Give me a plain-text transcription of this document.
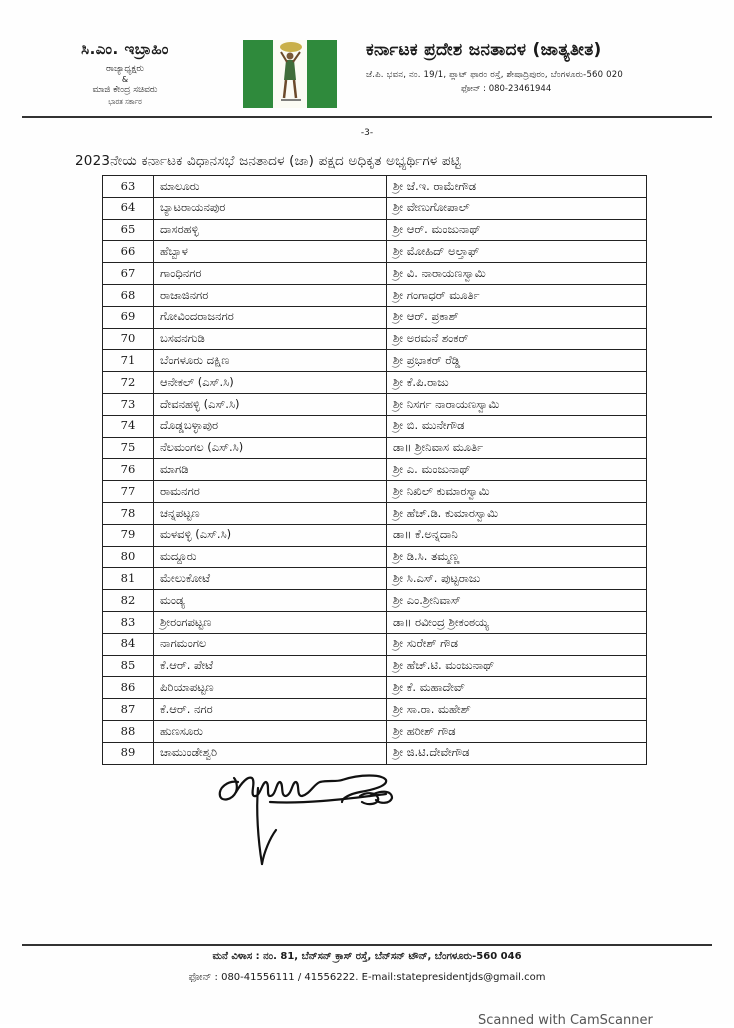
ಸಿ.ಎಂ. ಇಬ್ರಾಹಿಂ
ರಾಜ್ಯಾಧ್ಯಕ್ಷರು
&
ಮಾಜಿ ಕೇಂದ್ರ ಸಚಿವರು
ಭಾರತ ಸರ್ಕಾರ
ಕರ್ನಾಟಕ ಪ್ರದೇಶ ಜನತಾದಳ (ಜಾತ್ಯತೀತ)
ಜೆ.ಪಿ. ಭವನ, ನಂ. 19/1, ಪ್ಲಾಟ್ ಫಾರಂ ರಸ್ತೆ, ಶೇಷಾದ್ರಿಪುರಂ, ಬೆಂಗಳೂರು-560 020
ಫೋನ್ : 080-23461944
-3-
2023ನೇಯ ಕರ್ನಾಟಕ ವಿಧಾನಸಭೆ ಜನತಾದಳ (ಜಾ) ಪಕ್ಷದ ಅಧಿಕೃತ ಅಭ್ಯರ್ಥಿಗಳ ಪಟ್ಟಿ
63	ಮಾಲೂರು	ಶ್ರೀ ಜೆ.ಇ. ರಾಮೇಗೌಡ
64	ಬ್ಯಾಟರಾಯನಪುರ	ಶ್ರೀ ವೇಣುಗೋಪಾಲ್
65	ದಾಸರಹಳ್ಳಿ	ಶ್ರೀ ಆರ್. ಮಂಜುನಾಥ್
66	ಹೆಬ್ಬಾಳ	ಶ್ರೀ ಮೋಹಿದ್ ಅಲ್ತಾಫ್
67	ಗಾಂಧಿನಗರ	ಶ್ರೀ ವಿ. ನಾರಾಯಣಸ್ವಾಮಿ
68	ರಾಜಾಜಿನಗರ	ಶ್ರೀ ಗಂಗಾಧರ್ ಮೂರ್ತಿ
69	ಗೋವಿಂದರಾಜನಗರ	ಶ್ರೀ ಆರ್. ಪ್ರಕಾಶ್
70	ಬಸವನಗುಡಿ	ಶ್ರೀ ಅರಮನೆ ಶಂಕರ್
71	ಬೆಂಗಳೂರು ದಕ್ಷಿಣ	ಶ್ರೀ ಪ್ರಭಾಕರ್ ರೆಡ್ಡಿ
72	ಆನೇಕಲ್ (ಎಸ್.ಸಿ)	ಶ್ರೀ ಕೆ.ಪಿ.ರಾಜು
73	ದೇವನಹಳ್ಳಿ (ಎಸ್.ಸಿ)	ಶ್ರೀ ನಿಸರ್ಗ ನಾರಾಯಣಸ್ವಾಮಿ
74	ದೊಡ್ಡಬಳ್ಳಾಪುರ	ಶ್ರೀ ಬಿ. ಮುನೇಗೌಡ
75	ನೆಲಮಂಗಲ (ಎಸ್.ಸಿ)	ಡಾ॥ ಶ್ರೀನಿವಾಸ ಮೂರ್ತಿ
76	ಮಾಗಡಿ	ಶ್ರೀ ಎ. ಮಂಜುನಾಥ್
77	ರಾಮನಗರ	ಶ್ರೀ ನಿಖಿಲ್ ಕುಮಾರಸ್ವಾಮಿ
78	ಚನ್ನಪಟ್ಟಣ	ಶ್ರೀ ಹೆಚ್.ಡಿ. ಕುಮಾರಸ್ವಾಮಿ
79	ಮಳವಳ್ಳಿ (ಎಸ್.ಸಿ)	ಡಾ॥ ಕೆ.ಅನ್ನದಾನಿ
80	ಮದ್ದೂರು	ಶ್ರೀ ಡಿ.ಸಿ. ತಮ್ಮಣ್ಣ
81	ಮೇಲುಕೋಟೆ	ಶ್ರೀ ಸಿ.ಎಸ್. ಪುಟ್ಟರಾಜು
82	ಮಂಡ್ಯ	ಶ್ರೀ ಎಂ.ಶ್ರೀನಿವಾಸ್
83	ಶ್ರೀರಂಗಪಟ್ಟಣ	ಡಾ॥ ರವೀಂದ್ರ ಶ್ರೀಕಂಠಯ್ಯ
84	ನಾಗಮಂಗಲ	ಶ್ರೀ ಸುರೇಶ್ ಗೌಡ
85	ಕೆ.ಆರ್. ಪೇಟೆ	ಶ್ರೀ ಹೆಚ್.ಟಿ. ಮಂಜುನಾಥ್
86	ಪಿರಿಯಾಪಟ್ಟಣ	ಶ್ರೀ ಕೆ. ಮಹಾದೇವ್
87	ಕೆ.ಆರ್. ನಗರ	ಶ್ರೀ ಸಾ.ರಾ. ಮಹೇಶ್
88	ಹುಣಸೂರು	ಶ್ರೀ ಹರೀಶ್ ಗೌಡ
89	ಚಾಮುಂಡೇಶ್ವರಿ	ಶ್ರೀ ಜಿ.ಟಿ.ದೇವೇಗೌಡ
ಮನೆ ವಿಳಾಸ : ನಂ. 81, ಬೆನ್‌ಸನ್ ಕ್ರಾಸ್ ರಸ್ತೆ, ಬೆನ್‌ಸನ್ ಟೌನ್, ಬೆಂಗಳೂರು-560 046
ಫೋನ್ : 080-41556111 / 41556222. E-mail:statepresidentjds@gmail.com
Scanned with CamScanner
